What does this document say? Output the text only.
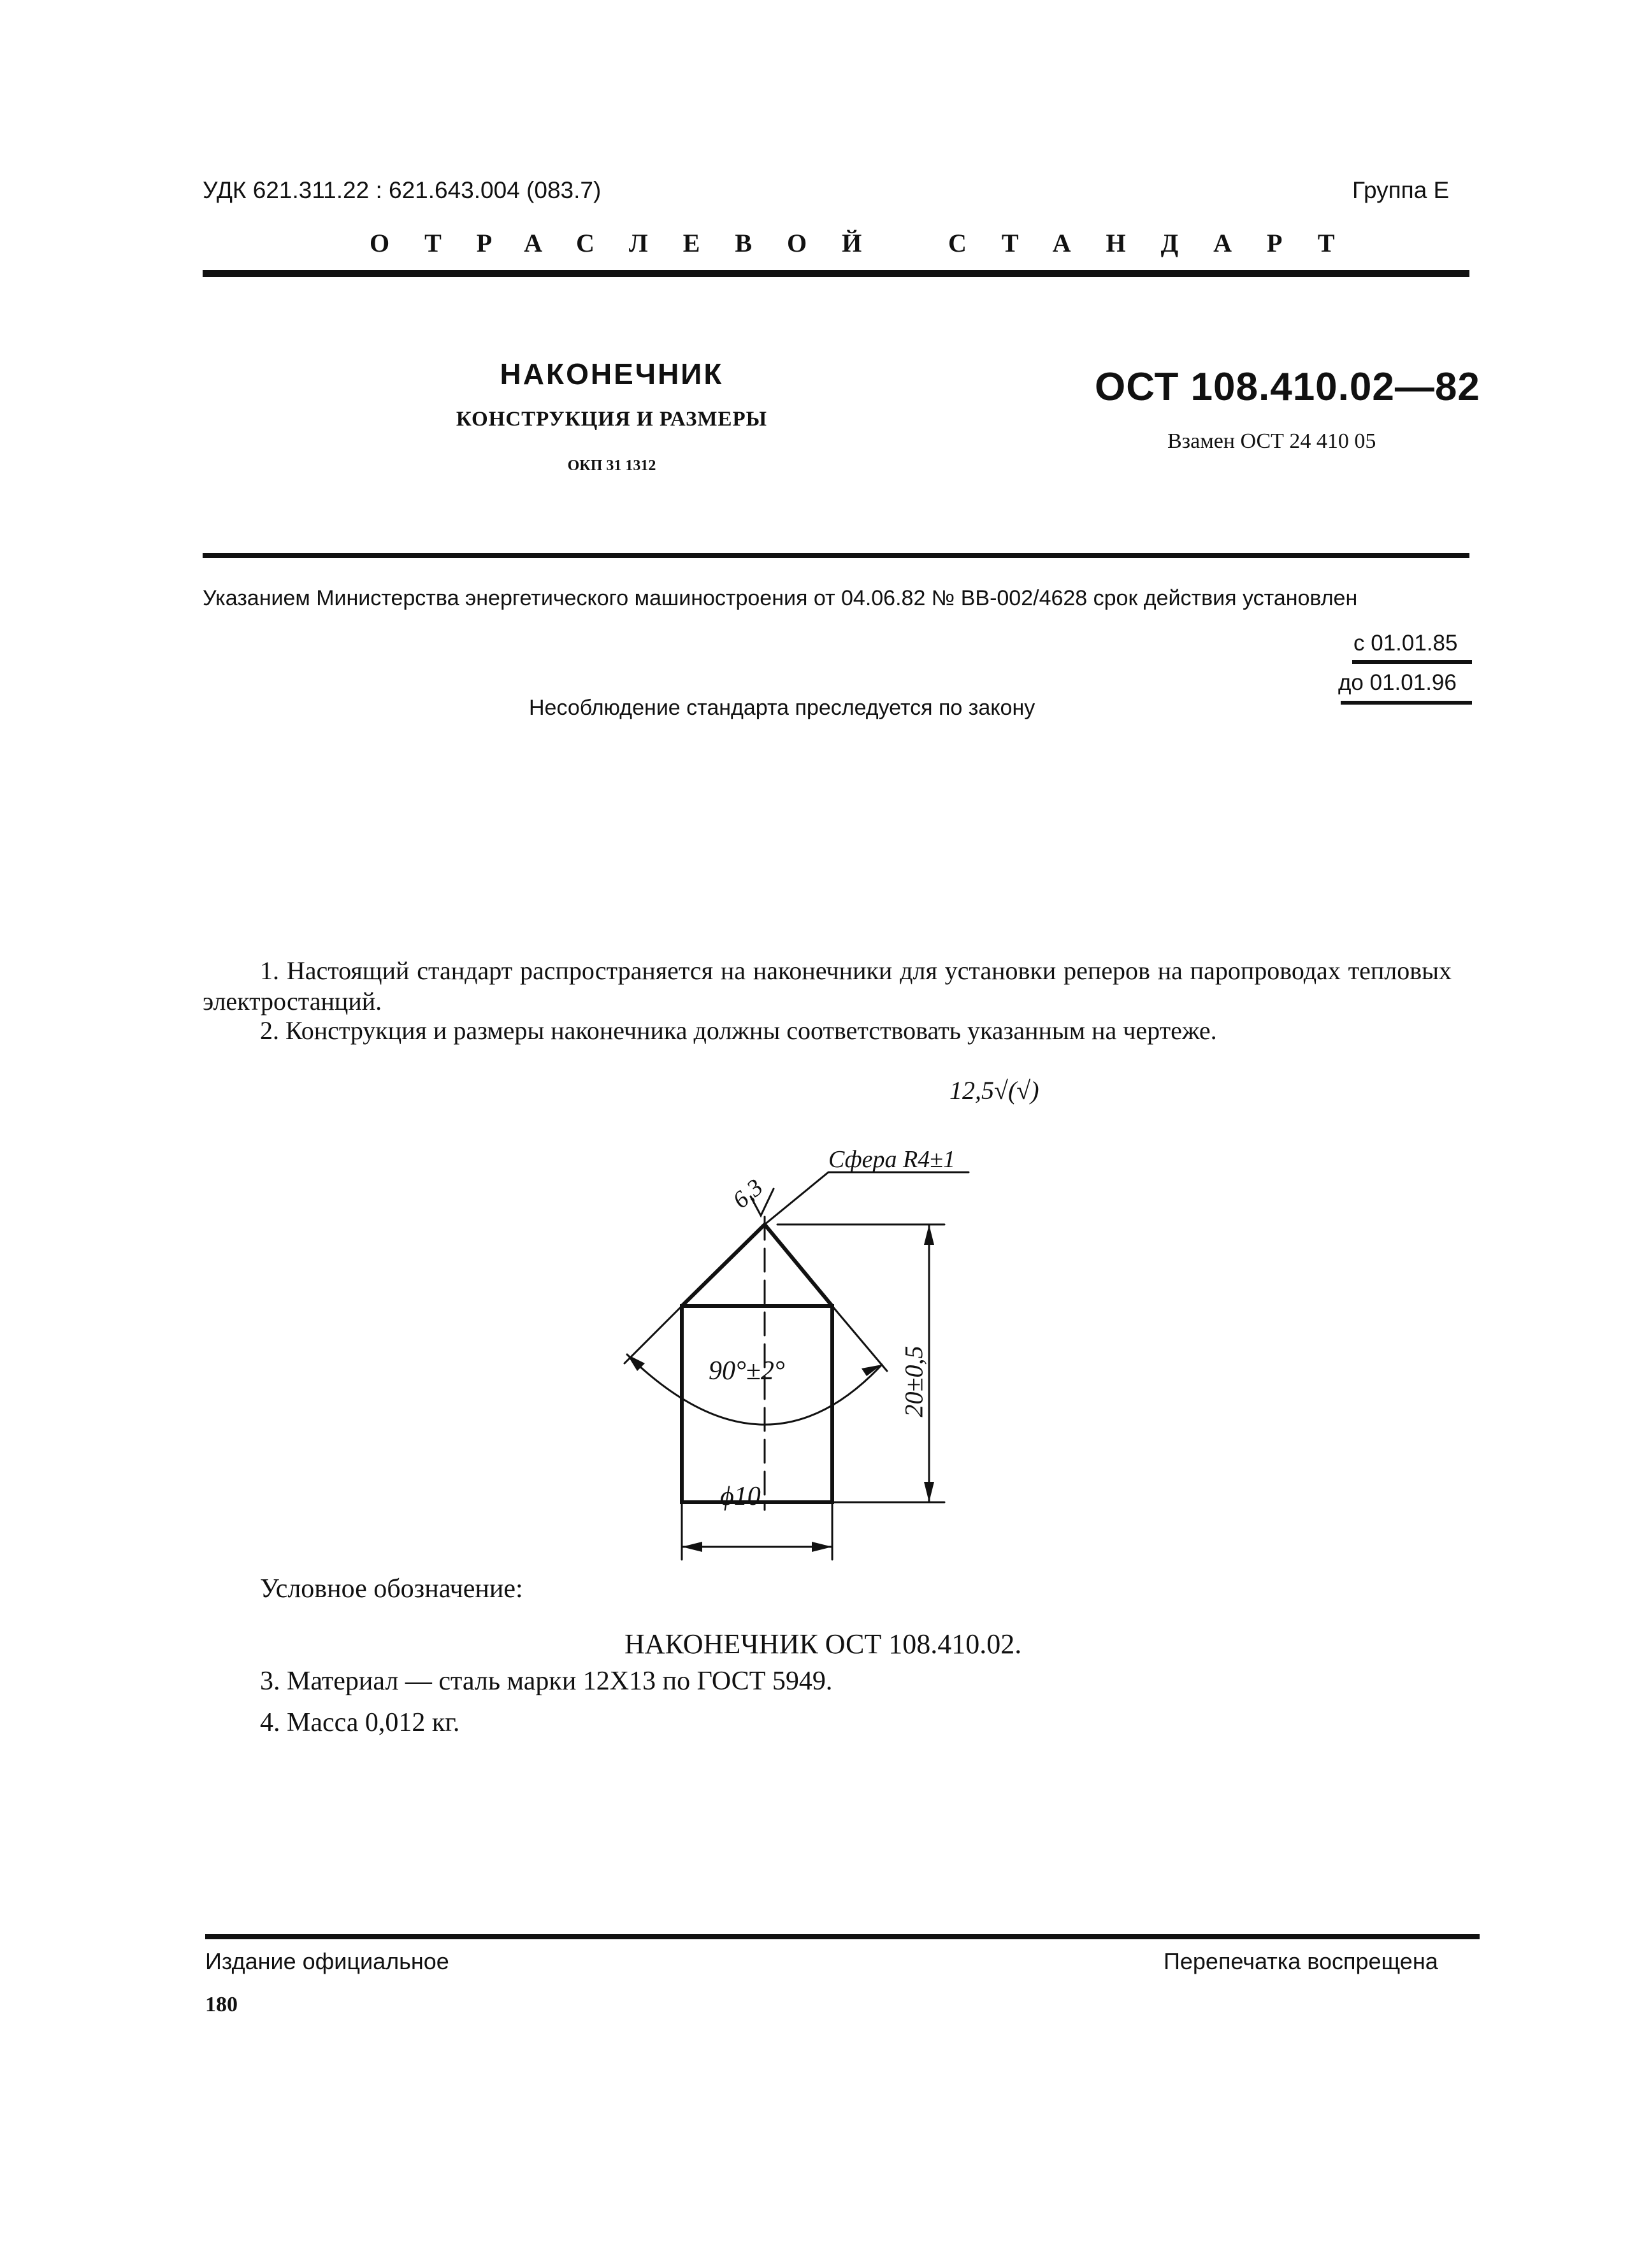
УДК 621.311.22 : 621.643.004 (083.7)	Группа Е
ОТРАСЛЕВОЙ СТАНДАРТ
НАКОНЕЧНИК
КОНСТРУКЦИЯ И РАЗМЕРЫ
ОКП 31 1312
ОСТ 108.410.02—82
Взамен ОСТ 24 410 05
Указанием Министерства энергетического машиностроения от 04.06.82 № ВВ-002/4628 срок действия установлен
с 01.01.85
до 01.01.96
Несоблюдение стандарта преследуется по закону
1. Настоящий стандарт распространяется на наконечники для установки реперов на паропроводах тепловых электростанций.
2. Конструкция и размеры наконечника должны соответствовать указанным на чертеже.
12,5√(√)
Сфера R4±1
6,3
20±0,5
90°±2°
ϕ10
Условное обозначение:
НАКОНЕЧНИК ОСТ 108.410.02.
3. Материал — сталь марки 12Х13 по ГОСТ 5949.
4. Масса 0,012 кг.
Издание официальное	Перепечатка воспрещена
180
